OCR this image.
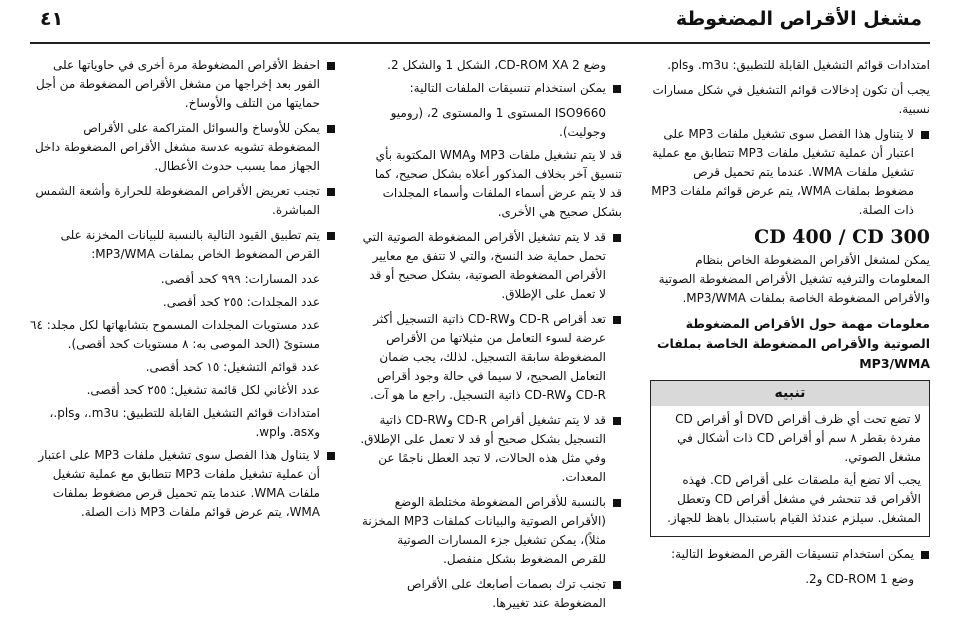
مشغل الأقراص المضغوطة
٤١

امتدادات قوائم التشغيل القابلة للتطبيق: m3u. وpls.

يجب أن تكون إدخالات قوائم التشغيل في شكل مسارات نسبية.

لا يتناول هذا الفصل سوى تشغيل ملفات MP3 على اعتبار أن عملية تشغيل ملفات MP3 تتطابق مع عملية تشغيل ملفات WMA. عندما يتم تحميل قرص مضغوط بملفات WMA، يتم عرض قوائم ملفات MP3 ذات الصلة.
CD 400 / CD 300

يمكن لمشغل الأقراص المضغوطة الخاص بنظام المعلومات والترفيه تشغيل الأقراص المضغوطة الصوتية والأقراص المضغوطة الخاصة بملفات MP3/WMA.

معلومات مهمة حول الأقراص المضغوطة الصوتية والأقراص المضغوطة الخاصة بملفات MP3/WMA
تنبيه

لا تضع تحت أي ظرف أقراص DVD أو أقراص CD مفردة بقطر ٨ سم أو أقراص CD ذات أشكال في مشغل الصوتي.

يجب ألا تضع أية ملصقات على أقراص CD. فهذه الأقراص قد تنحشر في مشغل أقراص CD وتعطل المشغل. سيلزم عندئذ القيام باستبدال باهظ للجهاز.

يمكن استخدام تنسيقات القرص المضغوط التالية:
وضع CD-ROM 1 و2.
وضع CD-ROM XA 2، الشكل 1 والشكل 2.
يمكن استخدام تنسيقات الملفات التالية:
ISO9660 المستوى 1 والمستوى 2، (روميو وجوليت).

قد لا يتم تشغيل ملفات MP3 وWMA المكتوبة بأي تنسيق آخر بخلاف المذكور أعلاه بشكل صحيح، كما قد لا يتم عرض أسماء الملفات وأسماء المجلدات بشكل صحيح هي الأخرى.

قد لا يتم تشغيل الأقراص المضغوطة الصوتية التي تحمل حماية ضد النسخ، والتي لا تتفق مع معايير الأقراص المضغوطة الصوتية، بشكل صحيح أو قد لا تعمل على الإطلاق.
تعد أقراص CD-R وCD-RW ذاتية التسجيل أكثر عرضة لسوء التعامل من مثيلاتها من الأقراص المضغوطة سابقة التسجيل. لذلك، يجب ضمان التعامل الصحيح، لا سيما في حالة وجود أقراص CD-R وCD-RW ذاتية التسجيل. راجع ما هو آت.
قد لا يتم تشغيل أقراص CD-R وCD-RW ذاتية التسجيل بشكل صحيح أو قد لا تعمل على الإطلاق. وفي مثل هذه الحالات، لا تجد العطل ناجمًا عن المعدات.
بالنسبة للأقراص المضغوطة مختلطة الوضع (الأقراص الصوتية والبيانات كملفات MP3 المخزنة مثلاً)، يمكن تشغيل جزء المسارات الصوتية للقرص المضغوط بشكل منفصل.
تجنب ترك بصمات أصابعك على الأقراص المضغوطة عند تغييرها.
احفظ الأقراص المضغوطة مرة أخرى في حاوياتها على الفور بعد إخراجها من مشغل الأقراص المضغوطة من أجل حمايتها من التلف والأوساخ.
يمكن للأوساخ والسوائل المتراكمة على الأقراص المضغوطة تشويه عدسة مشغل الأقراص المضغوطة داخل الجهاز مما يسبب حدوث الأعطال.
تجنب تعريض الأقراص المضغوطة للحرارة وأشعة الشمس المباشرة.
يتم تطبيق القيود التالية بالنسبة للبيانات المخزنة على القرص المضغوط الخاص بملفات MP3/WMA:
عدد المسارات: ٩٩٩ كحد أقصى.
عدد المجلدات: ٢٥٥ كحد أقصى.
عدد مستويات المجلدات المسموح بتشابهاتها لكل مجلد: ٦٤ مستوىً (الحد الموصى به: ٨ مستويات كحد أقصى).
عدد قوائم التشغيل: ١٥ كحد أقصى.
عدد الأغاني لكل قائمة تشغيل: ٢٥٥ كحد أقصى.
امتدادات قوائم التشغيل القابلة للتطبيق: m3u.، وpls.، وasx. وwpl.
لا يتناول هذا الفصل سوى تشغيل ملفات MP3 على اعتبار أن عملية تشغيل ملفات MP3 تتطابق مع عملية تشغيل ملفات WMA. عندما يتم تحميل قرص مضغوط بملفات WMA، يتم عرض قوائم ملفات MP3 ذات الصلة.
